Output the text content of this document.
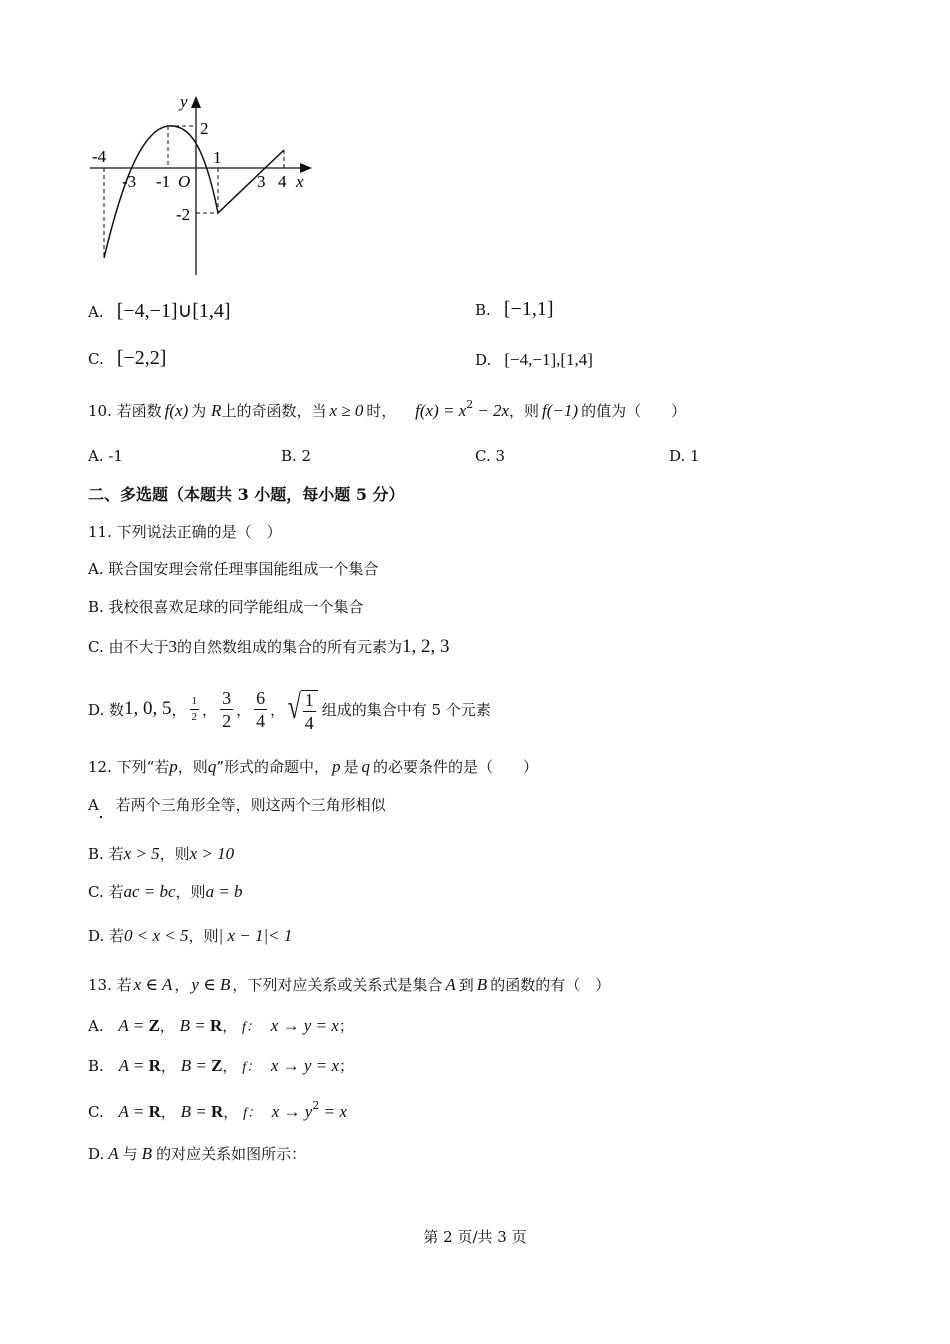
y
x
O
-4
-3 -1
1
2
-2
3 4
A. [−4,−1]∪[1,4]	B. [−1,1]
C. [−2,2]	D. [−4,−1],[1,4]
10. 若函数 f(x) 为 R上的奇函数，当 x ≥ 0 时， $f(x) = x^2 - 2x$，则 f(−1) 的值为（　　）
A. -1	B. 2	C. 3	D. 1
二、多选题（本题共 3 小题，每小题 5 分）
11. 下列说法正确的是（　）
A. 联合国安理会常任理事国能组成一个集合
B. 我校很喜欢足球的同学能组成一个集合
C. 由不大于3的自然数组成的集合的所有元素为1, 2, 3
D. 数 1, 0, 5 ， $\frac{1}{2}$ ， $\frac{3}{2}$ ， $\frac{6}{4}$ ， √ $\frac{1}{4}$ 组成的集合中有 5 个元素
12. 下列“若p，则q”形式的命题中， p 是 q 的必要条件的是（　　）
A 若两个三角形全等，则这两个三角形相似
B. 若x > 5，则x > 10
C. 若ac = bc，则a = b
D. 若0 < x < 5，则| x − 1|< 1
13. 若 x ∈ A ， y ∈ B ，下列对应关系或关系式是集合 A 到 B 的函数的有（　）
A. A = Z， B = R， f： x → y = x；
B. A = R， B = Z， f： x → y = x；
C. A = R， B = R， f： $x \to y^2 = x$
D. A 与 B 的对应关系如图所示：
第 2 页/共 3 页
